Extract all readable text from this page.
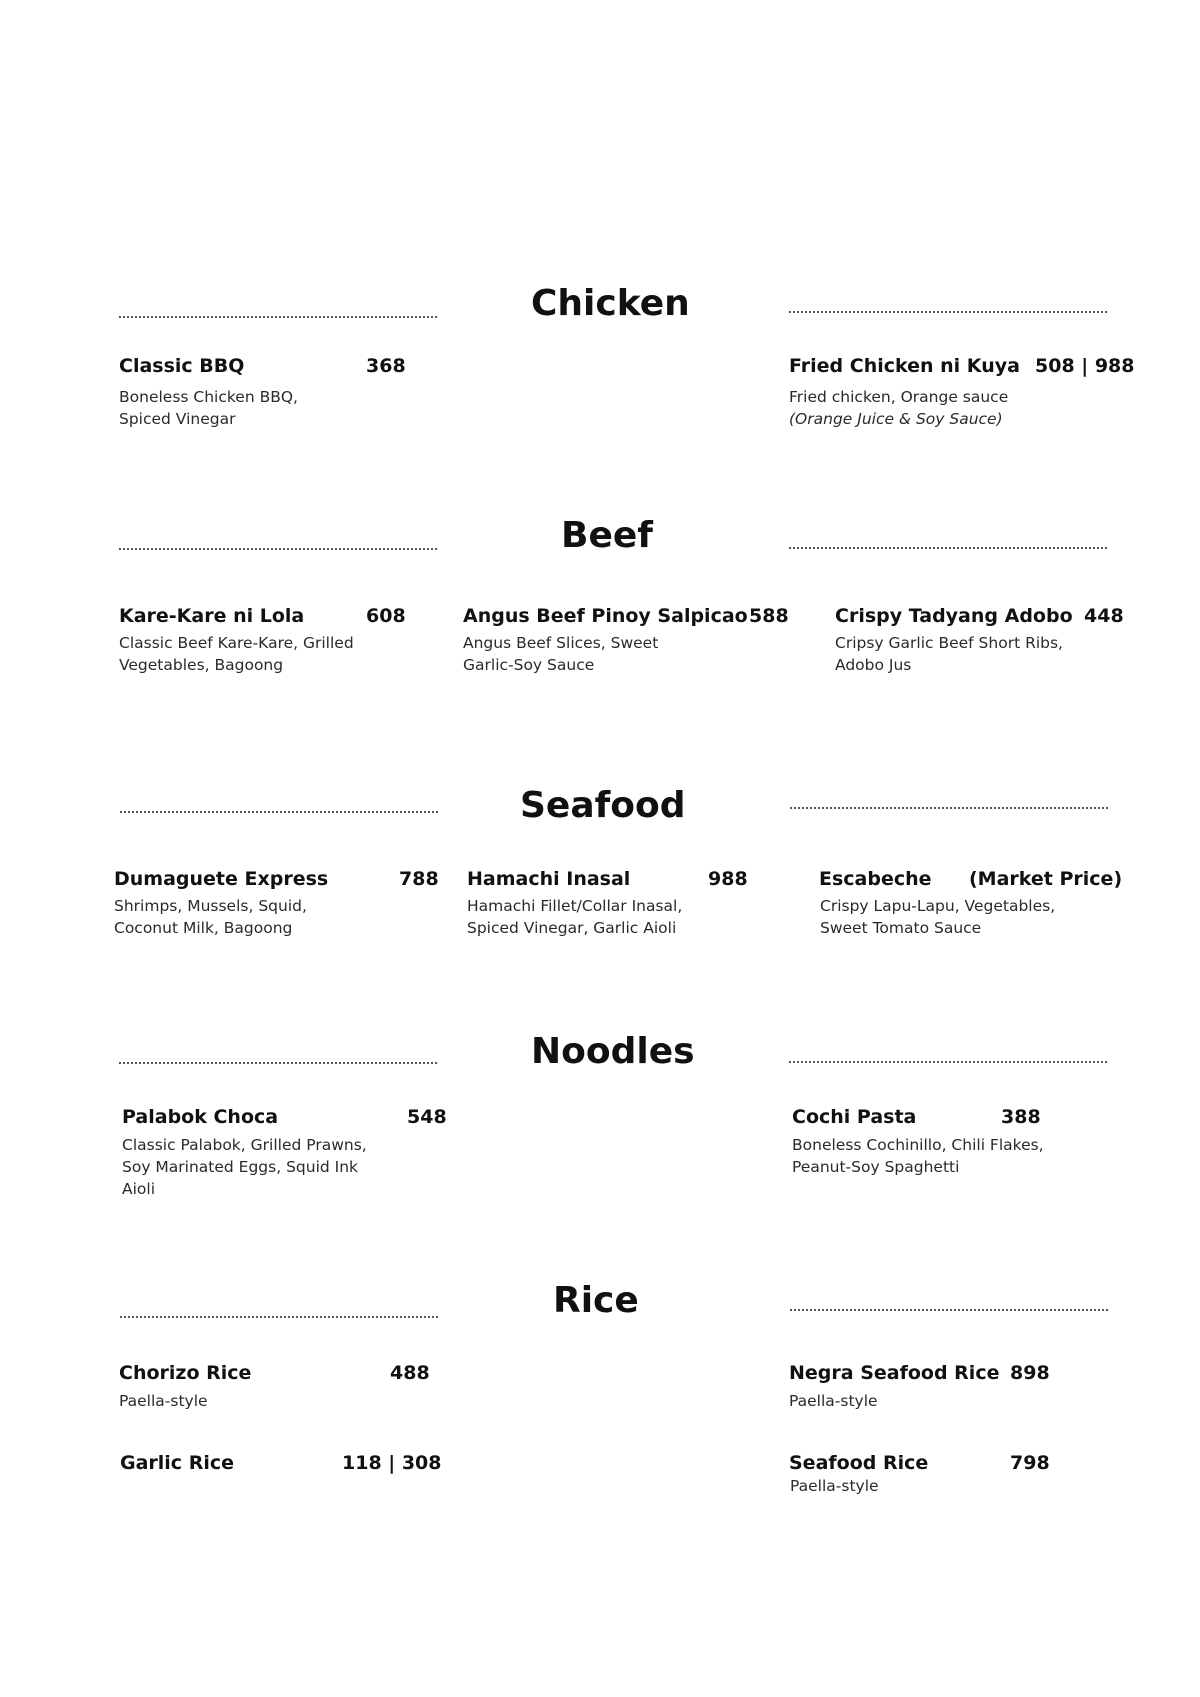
Chicken
Classic BBQ	368
Boneless Chicken BBQ,
Spiced Vinegar
Fried Chicken ni Kuya 508 | 988
Fried chicken, Orange sauce
(Orange Juice & Soy Sauce)
Beef
Kare-Kare ni Lola	608
Classic Beef Kare-Kare, Grilled
Vegetables, Bagoong
Angus Beef Pinoy Salpicao 588
Angus Beef Slices, Sweet
Garlic-Soy Sauce
Crispy Tadyang Adobo 448
Cripsy Garlic Beef Short Ribs,
Adobo Jus
Seafood
Dumaguete Express	788
Shrimps, Mussels, Squid,
Coconut Milk, Bagoong
Hamachi Inasal	988
Hamachi Fillet/Collar Inasal,
Spiced Vinegar, Garlic Aioli
Escabeche (Market Price)
Crispy Lapu-Lapu, Vegetables,
Sweet Tomato Sauce
Noodles
Palabok Choca	548
Classic Palabok, Grilled Prawns,
Soy Marinated Eggs, Squid Ink
Aioli
Cochi Pasta	388
Boneless Cochinillo, Chili Flakes,
Peanut-Soy Spaghetti
Rice
Chorizo Rice	488
Paella-style
Negra Seafood Rice 898
Paella-style
Garlic Rice	118 | 308	Seafood Rice	798
Paella-style
